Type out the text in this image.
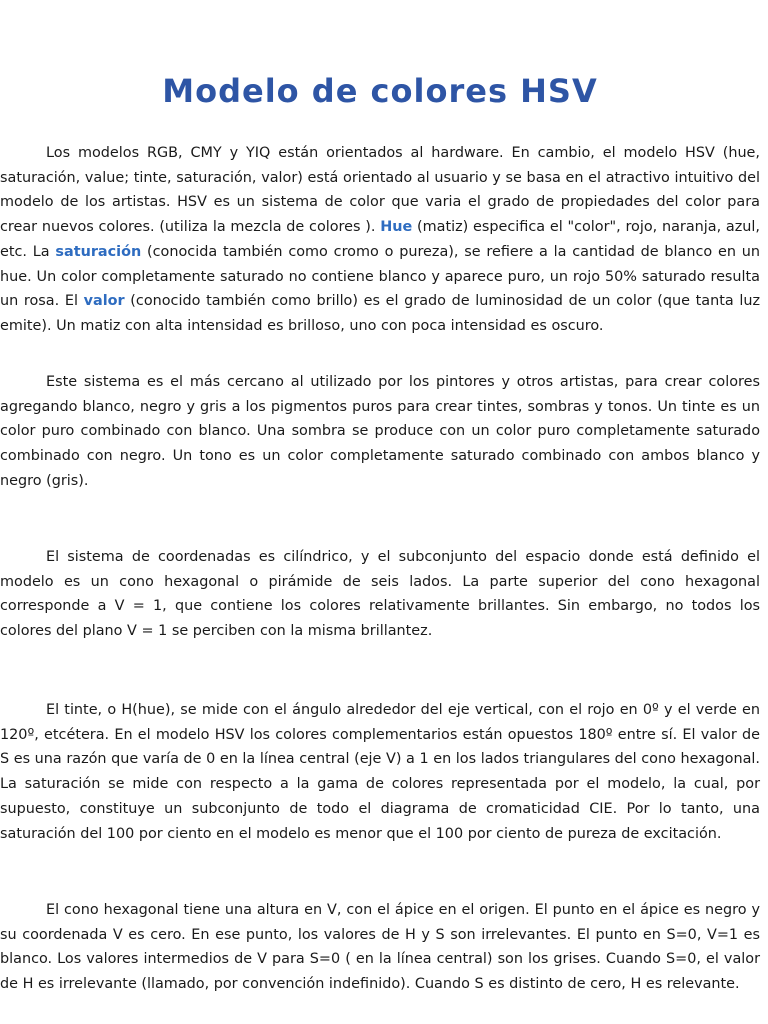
Modelo de colores HSV

Los modelos RGB, CMY y YIQ están orientados al hardware. En cambio, el modelo HSV (hue, saturación, value; tinte, saturación, valor) está orientado al usuario y se basa en el atractivo intuitivo del modelo de los artistas. HSV es un sistema de color que varia el grado de propiedades del color para crear nuevos colores. (utiliza la mezcla de colores ). Hue (matiz) especifica el "color", rojo, naranja, azul, etc. La saturación (conocida también como cromo o pureza), se refiere a la cantidad de blanco en un hue. Un color completamente saturado no contiene blanco y aparece puro, un rojo 50% saturado resulta un rosa. El valor (conocido también como brillo) es el grado de luminosidad de un color (que tanta luz emite). Un matiz con alta intensidad es brilloso, uno con poca intensidad es oscuro.

Este sistema es el más cercano al utilizado por los pintores y otros artistas, para crear colores agregando blanco, negro y gris a los pigmentos puros para crear tintes, sombras y tonos. Un tinte es un color puro combinado con blanco. Una sombra se produce con un color puro completamente saturado combinado con negro. Un tono es un color completamente saturado combinado con ambos blanco y negro (gris).

El sistema de coordenadas es cilíndrico, y el subconjunto del espacio donde está definido el modelo es un cono hexagonal o pirámide de seis lados. La parte superior del cono hexagonal corresponde a V = 1, que contiene los colores relativamente brillantes. Sin embargo, no todos los colores del plano V = 1 se perciben con la misma brillantez.

El tinte, o H(hue), se mide con el ángulo alrededor del eje vertical, con el rojo en 0º y el verde en 120º, etcétera. En el modelo HSV los colores complementarios están opuestos 180º entre sí. El valor de S es una razón que varía de 0 en la línea central (eje V) a 1 en los lados triangulares del cono hexagonal. La saturación se mide con respecto a la gama de colores representada por el modelo, la cual, por supuesto, constituye un subconjunto de todo el diagrama de cromaticidad CIE. Por lo tanto, una saturación del 100 por ciento en el modelo es menor que el 100 por ciento de pureza de excitación.

El cono hexagonal tiene una altura en V, con el ápice en el origen. El punto en el ápice es negro y su coordenada V es cero. En ese punto, los valores de H y S son irrelevantes. El punto en S=0, V=1 es blanco. Los valores intermedios de V para S=0 ( en la línea central) son los grises. Cuando S=0, el valor de H es irrelevante (llamado, por convención indefinido). Cuando S es distinto de cero, H es relevante.
